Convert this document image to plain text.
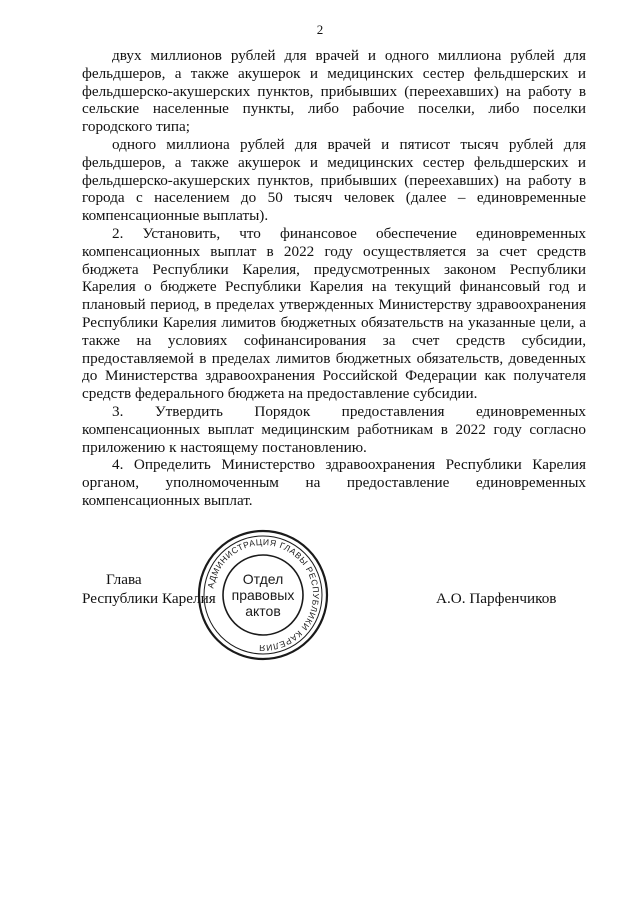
2

двух миллионов рублей для врачей и одного миллиона рублей для фельдшеров, а также акушерок и медицинских сестер фельдшерских и фельдшерско-акушерских пунктов, прибывших (переехавших) на работу в сельские населенные пункты, либо рабочие поселки, либо поселки городского типа;

одного миллиона рублей для врачей и пятисот тысяч рублей для фельдшеров, а также акушерок и медицинских сестер фельдшерских и фельдшерско-акушерских пунктов, прибывших (переехавших) на работу в города с населением до 50 тысяч человек (далее – единовременные компенсационные выплаты).

2. Установить, что финансовое обеспечение единовременных компенсационных выплат в 2022 году осуществляется за счет средств бюджета Республики Карелия, предусмотренных законом Республики Карелия о бюджете Республики Карелия на текущий финансовый год и плановый период, в пределах утвержденных Министерству здравоохранения Республики Карелия лимитов бюджетных обязательств на указанные цели, а также на условиях софинансирования за счет средств субсидии, предоставляемой в пределах лимитов бюджетных обязательств, доведенных до Министерства здравоохранения Российской Федерации как получателя средств федерального бюджета на предоставление субсидии.

3. Утвердить Порядок предоставления единовременных компенсационных выплат медицинским работникам в 2022 году согласно приложению к настоящему постановлению.

4. Определить Министерство здравоохранения Республики Карелия органом, уполномоченным на предоставление единовременных компенсационных выплат.

Глава
Республики Карелия	А.О. Парфенчиков
АДМИНИСТРАЦИЯ ГЛАВЫ РЕСПУБЛИКИ КАРЕЛИЯ
Отдел
правовых
актов
